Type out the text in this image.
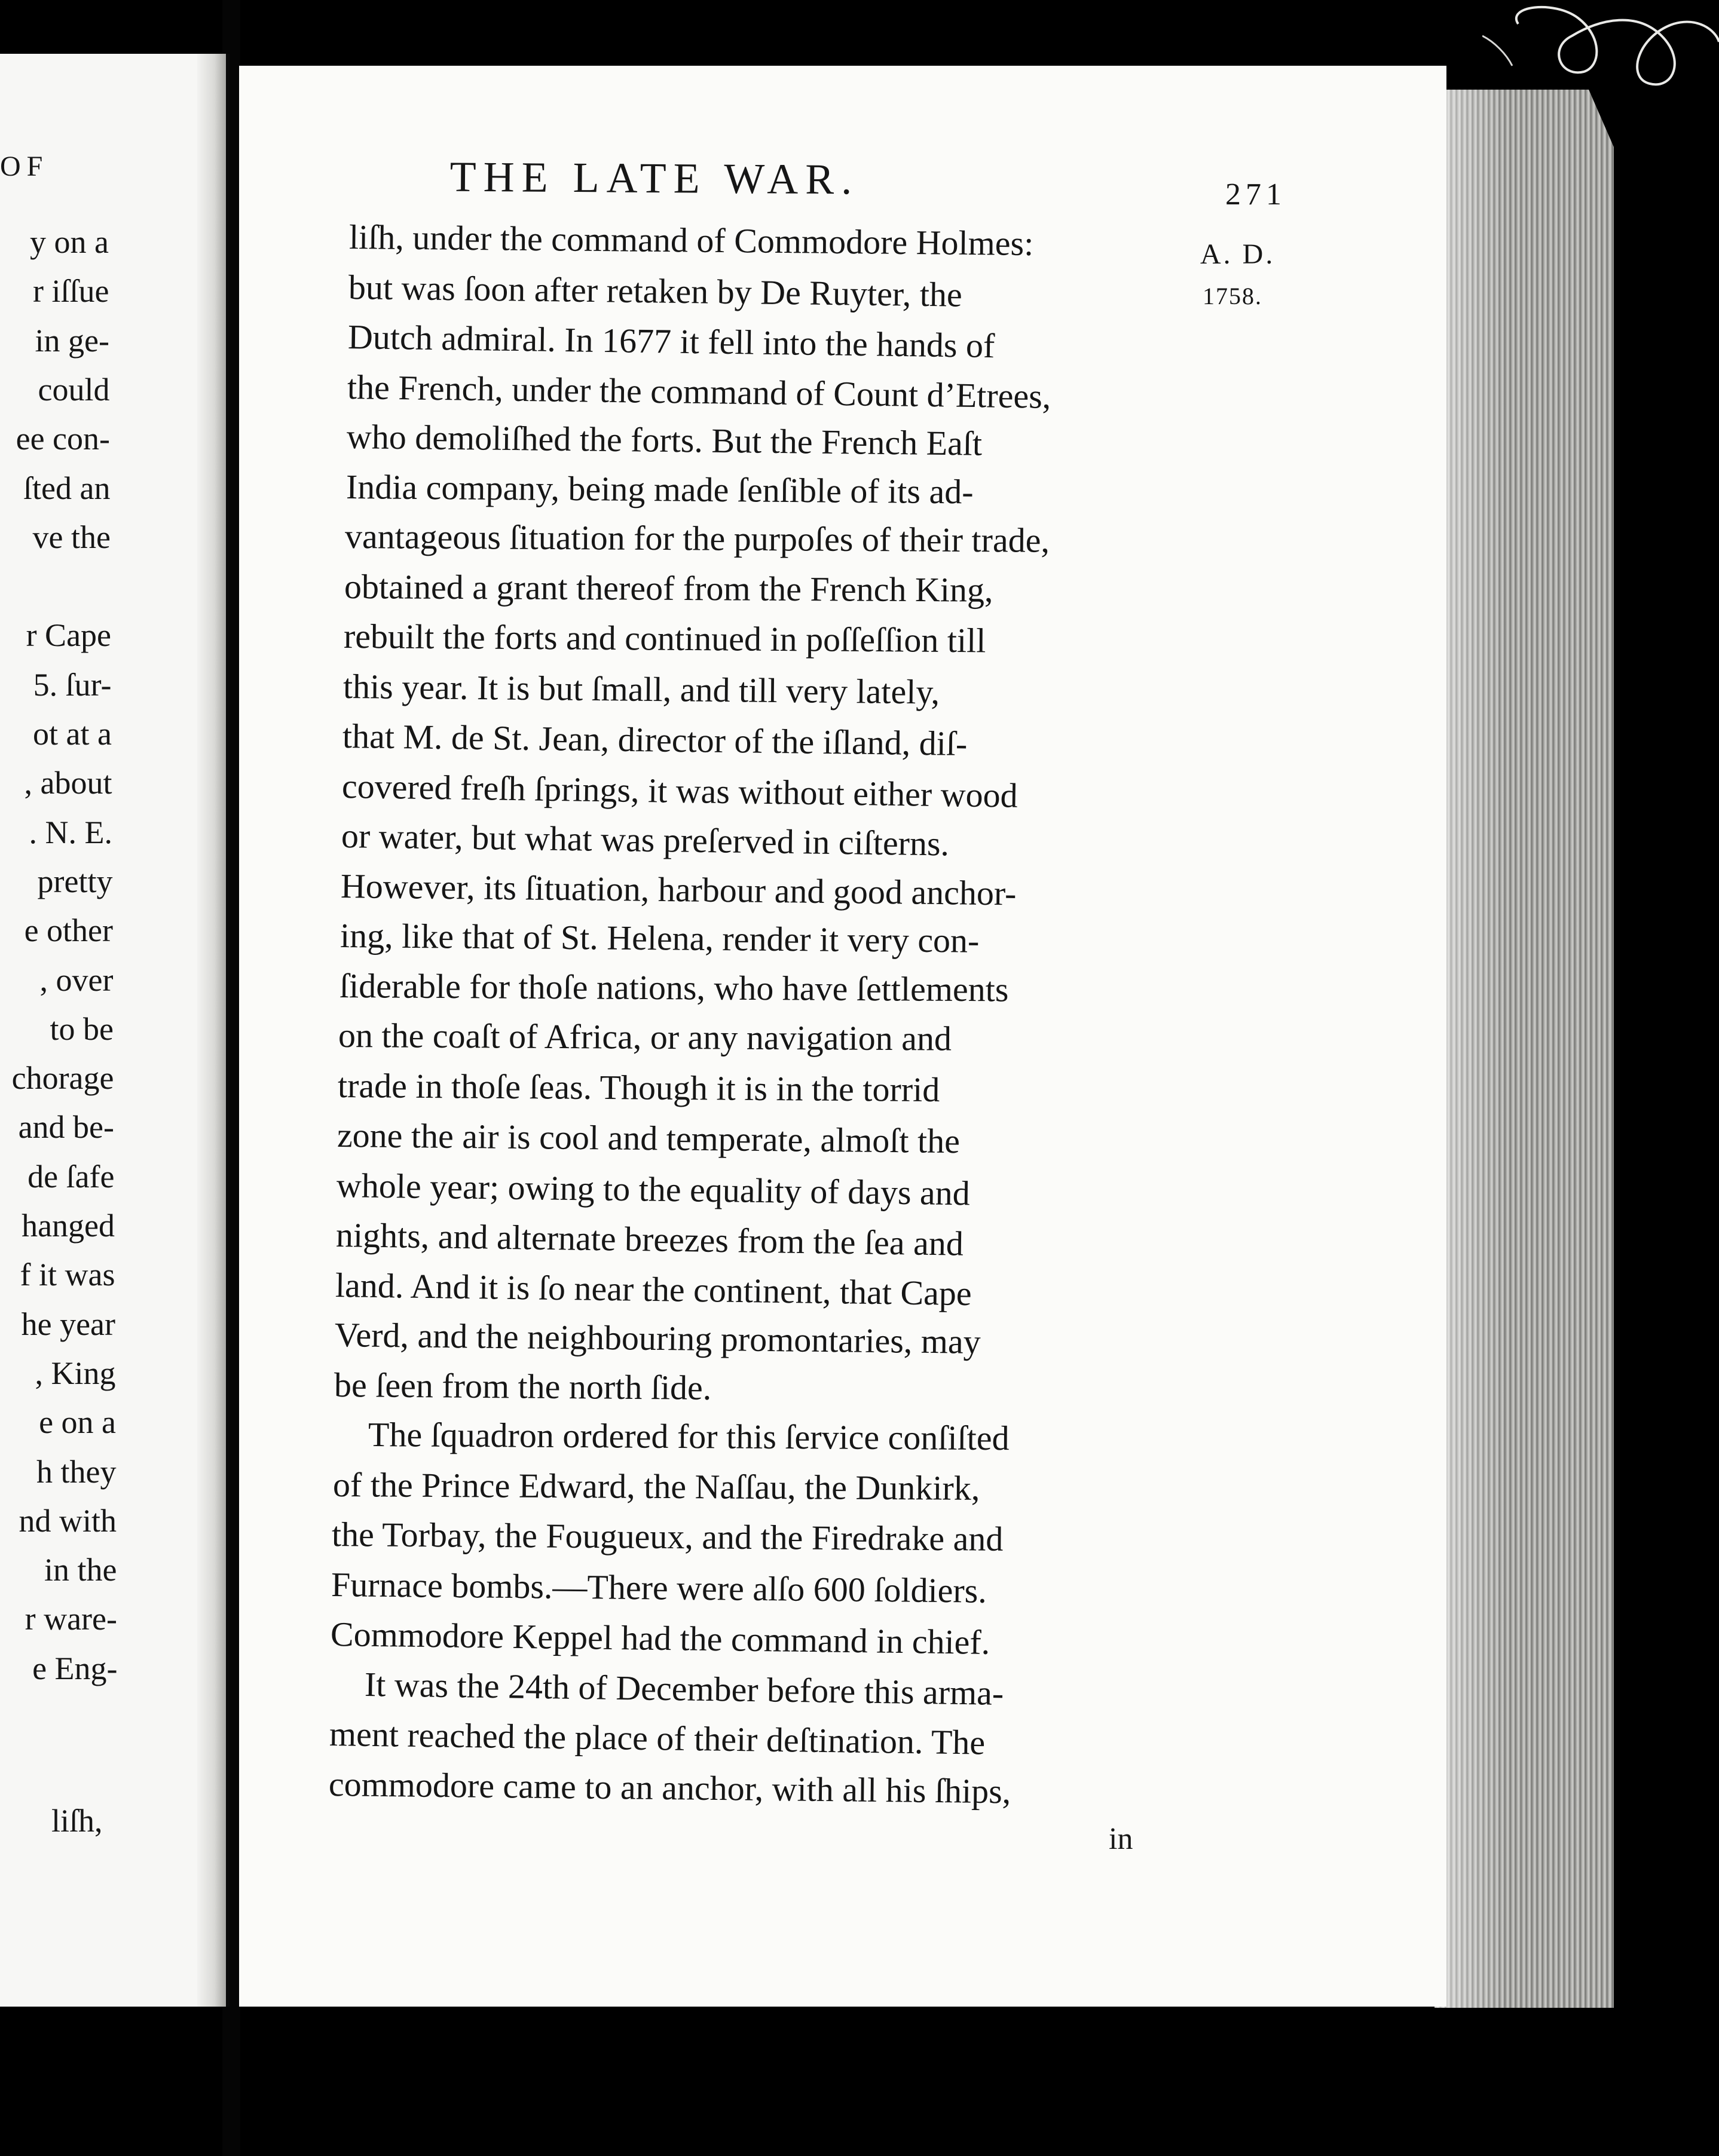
OF
y on a
r iſſue
in ge-
could
ee con-
ſted an
ve the
r Cape
5. ſur-
ot at a
, about
. N. E.
pretty
e other
, over
to be
chorage
and be-
de ſafe
hanged
f it was
he year
, King
e on a
h they
nd with
in the
r ware-
e Eng-
liſh,
THE LATE WAR.	271
A. D.
1758.
liſh, under the command of Commodore Holmes:
but was ſoon after retaken by De Ruyter, the
Dutch admiral. In 1677 it fell into the hands of
the French, under the command of Count d’Etrees,
who demoliſhed the forts. But the French Eaſt
India company, being made ſenſible of its ad-
vantageous ſituation for the purpoſes of their trade,
obtained a grant thereof from the French King,
rebuilt the forts and continued in poſſeſſion till
this year. It is but ſmall, and till very lately,
that M. de St. Jean, director of the iſland, diſ-
covered freſh ſprings, it was without either wood
or water, but what was preſerved in ciſterns.
However, its ſituation, harbour and good anchor-
ing, like that of St. Helena, render it very con-
ſiderable for thoſe nations, who have ſettlements
on the coaſt of Africa, or any navigation and
trade in thoſe ſeas. Though it is in the torrid
zone the air is cool and temperate, almoſt the
whole year; owing to the equality of days and
nights, and alternate breezes from the ſea and
land. And it is ſo near the continent, that Cape
Verd, and the neighbouring promontaries, may
be ſeen from the north ſide.
The ſquadron ordered for this ſervice conſiſted
of the Prince Edward, the Naſſau, the Dunkirk,
the Torbay, the Fougueux, and the Firedrake and
Furnace bombs.—There were alſo 600 ſoldiers.
Commodore Keppel had the command in chief.
It was the 24th of December before this arma-
ment reached the place of their deſtination. The
commodore came to an anchor, with all his ſhips,
in
